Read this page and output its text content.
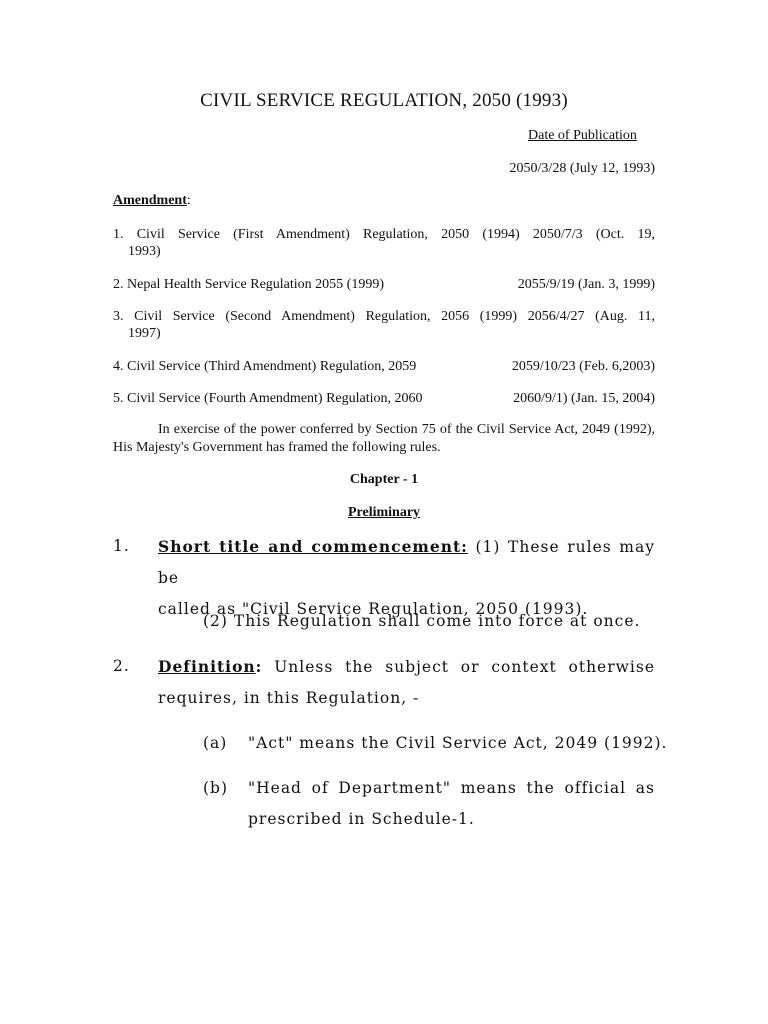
CIVIL SERVICE REGULATION, 2050 (1993)
Date of Publication
2050/3/28 (July 12, 1993)
Amendment:
1. Civil Service (First Amendment) Regulation, 2050 (1994) 2050/7/3 (Oct. 19,
1993)
2. Nepal Health Service Regulation 2055 (1999)	2055/9/19 (Jan. 3, 1999)
3. Civil Service (Second Amendment) Regulation, 2056 (1999) 2056/4/27 (Aug. 11,
1997)
4. Civil Service (Third Amendment) Regulation, 2059	2059/10/23 (Feb. 6,2003)
5. Civil Service (Fourth Amendment) Regulation, 2060	2060/9/1) (Jan. 15, 2004)
In exercise of the power conferred by Section 75 of the Civil Service Act, 2049 (1992), His Majesty's Government has framed the following rules.
Chapter - 1
Preliminary
1. Short title and commencement: (1) These rules may be
called as "Civil Service Regulation, 2050 (1993).
(2) This Regulation shall come into force at once.
2. Definition: Unless the subject or context otherwise
requires, in this Regulation, -
(a) "Act" means the Civil Service Act, 2049 (1992).
(b) "Head of Department" means the official as
prescribed in Schedule-1.
